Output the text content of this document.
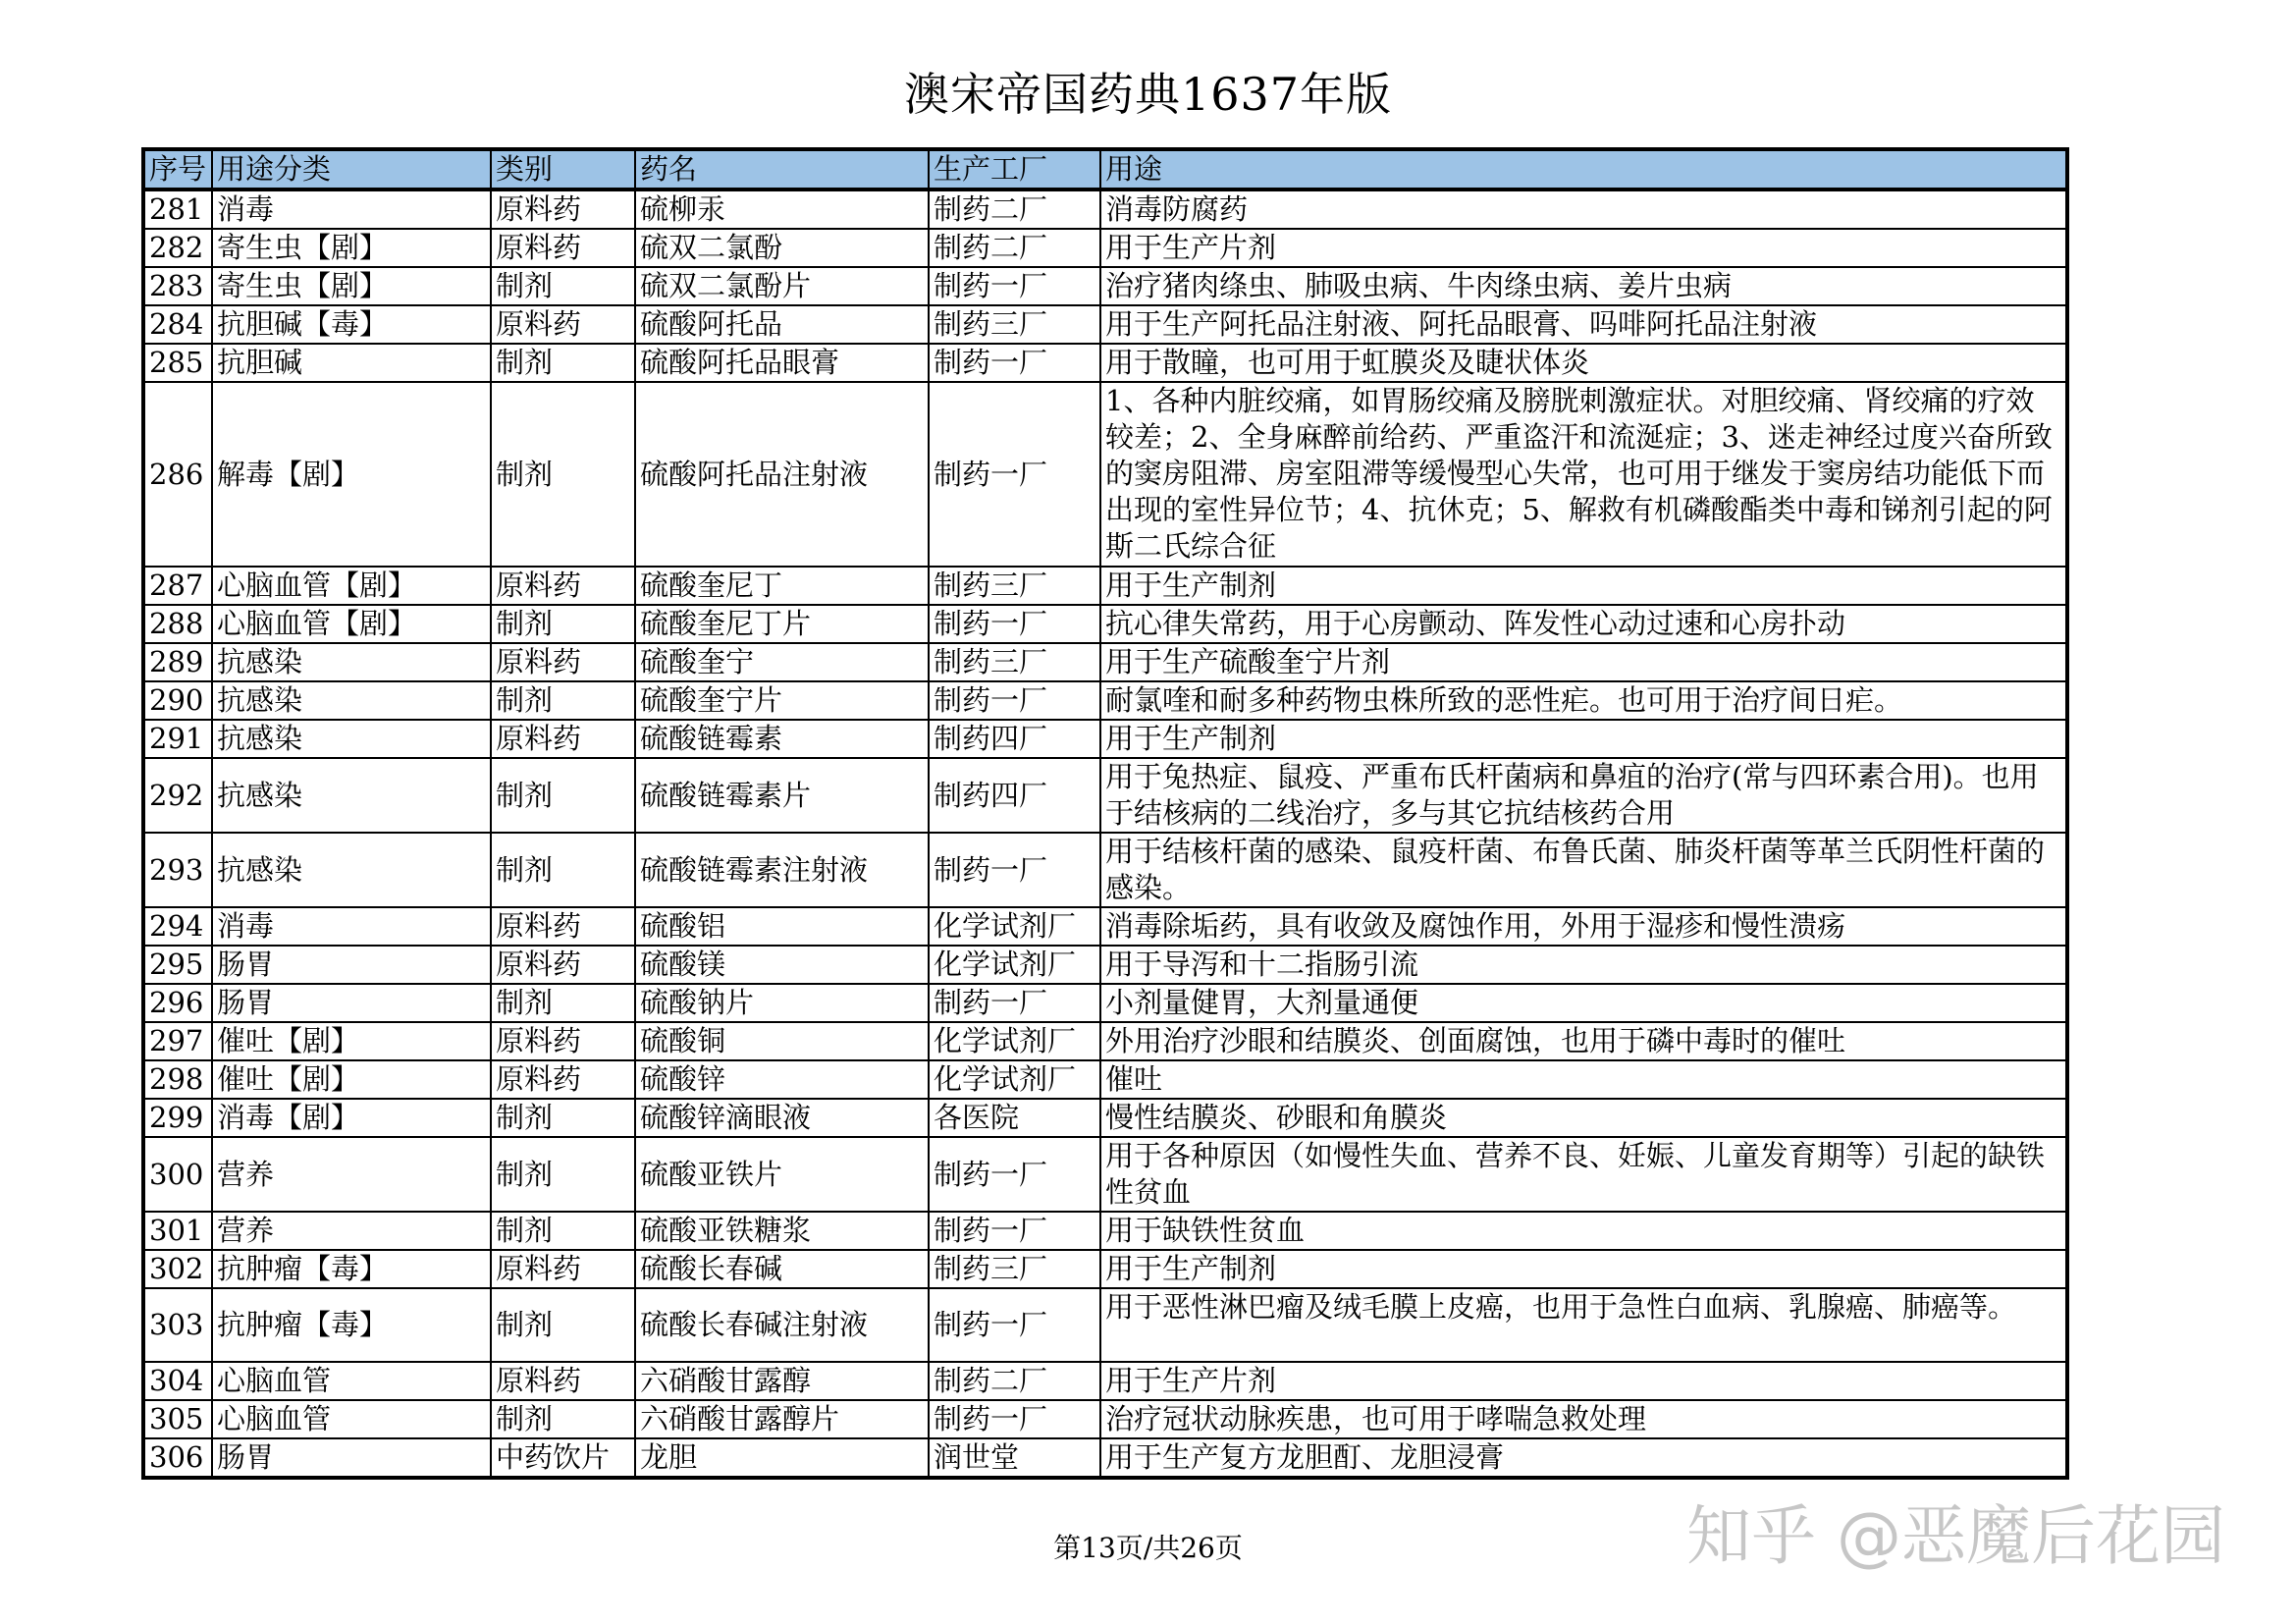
澳宋帝国药典1637年版
序号	用途分类	类别	药名	生产工厂	用途
281	消毒	原料药	硫柳汞	制药二厂	消毒防腐药
282	寄生虫【剧】	原料药	硫双二氯酚	制药二厂	用于生产片剂
283	寄生虫【剧】	制剂	硫双二氯酚片	制药一厂	治疗猪肉绦虫、肺吸虫病、牛肉绦虫病、姜片虫病
284	抗胆碱【毒】	原料药	硫酸阿托品	制药三厂	用于生产阿托品注射液、阿托品眼膏、吗啡阿托品注射液
285	抗胆碱	制剂	硫酸阿托品眼膏	制药一厂	用于散瞳，也可用于虹膜炎及睫状体炎
286	解毒【剧】	制剂	硫酸阿托品注射液	制药一厂	1、各种内脏绞痛，如胃肠绞痛及膀胱刺激症状。对胆绞痛、肾绞痛的疗效较差；2、全身麻醉前给药、严重盗汗和流涎症；3、迷走神经过度兴奋所致的窦房阻滞、房室阻滞等缓慢型心失常，也可用于继发于窦房结功能低下而出现的室性异位节；4、抗休克；5、解救有机磷酸酯类中毒和锑剂引起的阿斯二氏综合征
287	心脑血管【剧】	原料药	硫酸奎尼丁	制药三厂	用于生产制剂
288	心脑血管【剧】	制剂	硫酸奎尼丁片	制药一厂	抗心律失常药，用于心房颤动、阵发性心动过速和心房扑动
289	抗感染	原料药	硫酸奎宁	制药三厂	用于生产硫酸奎宁片剂
290	抗感染	制剂	硫酸奎宁片	制药一厂	耐氯喹和耐多种药物虫株所致的恶性疟。也可用于治疗间日疟。
291	抗感染	原料药	硫酸链霉素	制药四厂	用于生产制剂
292	抗感染	制剂	硫酸链霉素片	制药四厂	用于兔热症、鼠疫、严重布氏杆菌病和鼻疽的治疗(常与四环素合用)。也用于结核病的二线治疗，多与其它抗结核药合用
293	抗感染	制剂	硫酸链霉素注射液	制药一厂	用于结核杆菌的感染、鼠疫杆菌、布鲁氏菌、肺炎杆菌等革兰氏阴性杆菌的感染。
294	消毒	原料药	硫酸铝	化学试剂厂	消毒除垢药，具有收敛及腐蚀作用，外用于湿疹和慢性溃疡
295	肠胃	原料药	硫酸镁	化学试剂厂	用于导泻和十二指肠引流
296	肠胃	制剂	硫酸钠片	制药一厂	小剂量健胃，大剂量通便
297	催吐【剧】	原料药	硫酸铜	化学试剂厂	外用治疗沙眼和结膜炎、创面腐蚀，也用于磷中毒时的催吐
298	催吐【剧】	原料药	硫酸锌	化学试剂厂	催吐
299	消毒【剧】	制剂	硫酸锌滴眼液	各医院	慢性结膜炎、砂眼和角膜炎
300	营养	制剂	硫酸亚铁片	制药一厂	用于各种原因（如慢性失血、营养不良、妊娠、儿童发育期等）引起的缺铁性贫血
301	营养	制剂	硫酸亚铁糖浆	制药一厂	用于缺铁性贫血
302	抗肿瘤【毒】	原料药	硫酸长春碱	制药三厂	用于生产制剂
303	抗肿瘤【毒】	制剂	硫酸长春碱注射液	制药一厂	用于恶性淋巴瘤及绒毛膜上皮癌，也用于急性白血病、乳腺癌、肺癌等。
304	心脑血管	原料药	六硝酸甘露醇	制药二厂	用于生产片剂
305	心脑血管	制剂	六硝酸甘露醇片	制药一厂	治疗冠状动脉疾患，也可用于哮喘急救处理
306	肠胃	中药饮片	龙胆	润世堂	用于生产复方龙胆酊、龙胆浸膏
第13页/共26页	知乎 @恶魔后花园
